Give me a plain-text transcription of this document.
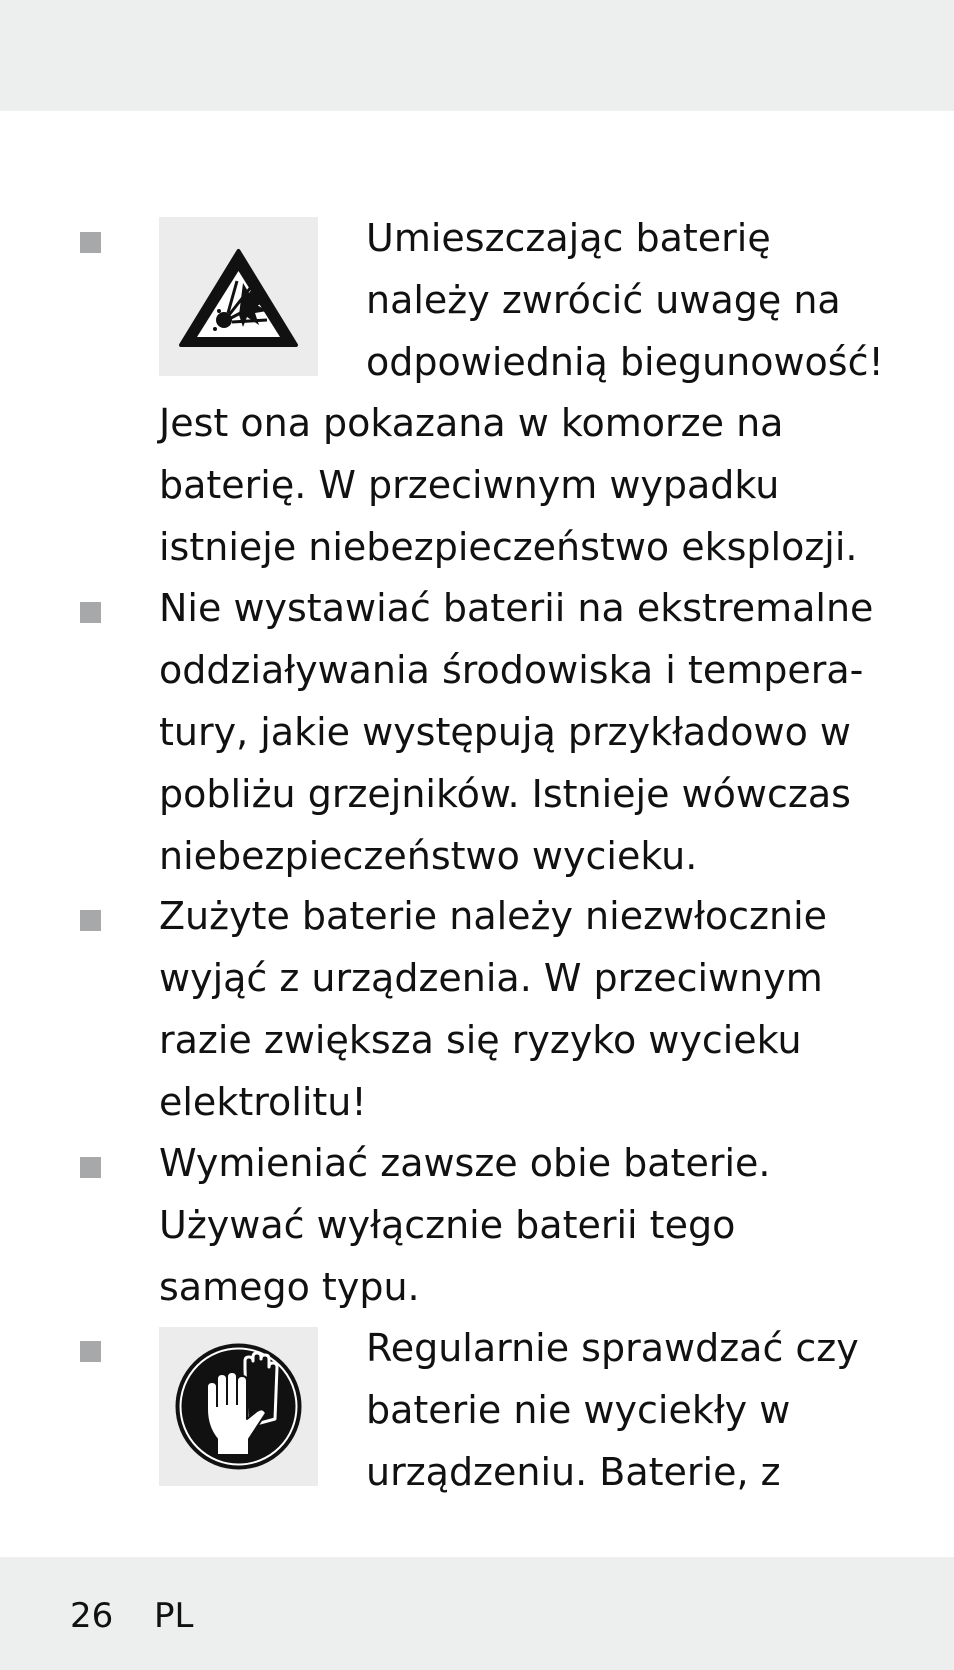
Umieszczając baterię
należy zwrócić uwagę na
odpowiednią biegunowość!
Jest ona pokazana w komorze na
baterię. W przeciwnym wypadku
istnieje niebezpieczeństwo eksplozji.
Nie wystawiać baterii na ekstremalne
oddziaływania środowiska i tempera-
tury, jakie występują przykładowo w
pobliżu grzejników. Istnieje wówczas
niebezpieczeństwo wycieku.
Zużyte baterie należy niezwłocznie
wyjąć z urządzenia. W przeciwnym
razie zwiększa się ryzyko wycieku
elektrolitu!
Wymieniać zawsze obie baterie.
Używać wyłącznie baterii tego
samego typu.
Regularnie sprawdzać czy
baterie nie wyciekły w
urządzeniu. Baterie, z
26 PL
